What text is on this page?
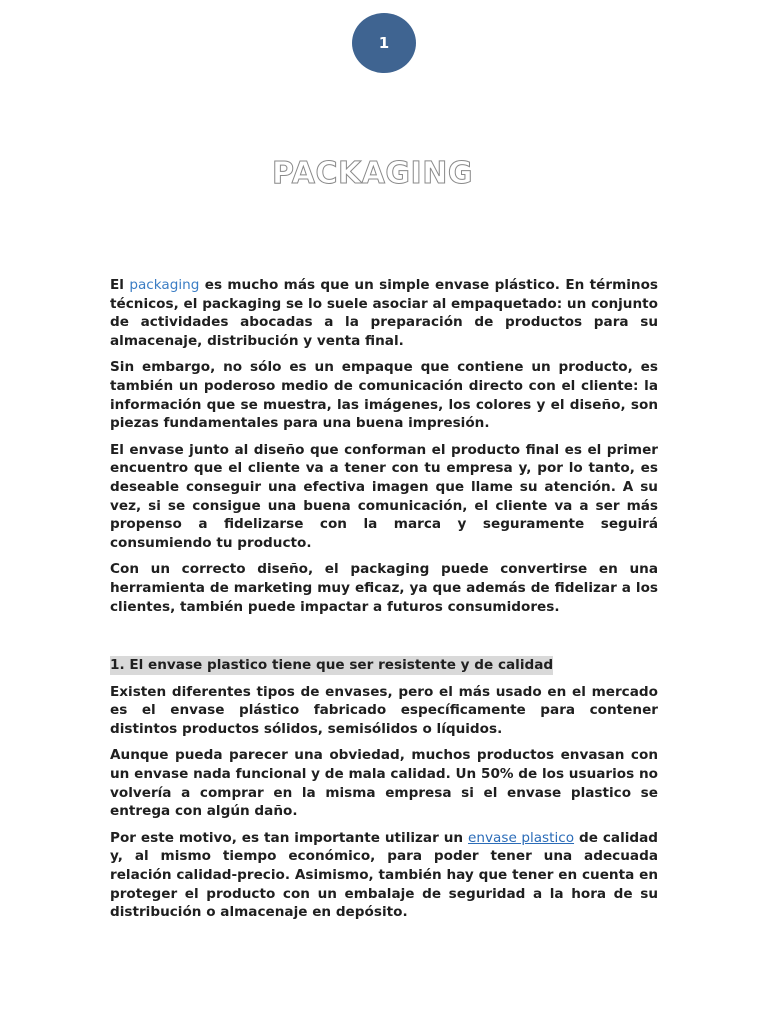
1
PACKAGING

El packaging es mucho más que un simple envase plástico. En términos técnicos, el packaging se lo suele asociar al empaquetado: un conjunto de actividades abocadas a la preparación de productos para su almacenaje, distribución y venta final.

Sin embargo, no sólo es un empaque que contiene un producto, es también un poderoso medio de comunicación directo con el cliente: la información que se muestra, las imágenes, los colores y el diseño, son piezas fundamentales para una buena impresión.

El envase junto al diseño que conforman el producto final es el primer encuentro que el cliente va a tener con tu empresa y, por lo tanto, es deseable conseguir una efectiva imagen que llame su atención. A su vez, si se consigue una buena comunicación, el cliente va a ser más propenso a fidelizarse con la marca y seguramente seguirá consumiendo tu producto.

Con un correcto diseño, el packaging puede convertirse en una herramienta de marketing muy eficaz, ya que además de fidelizar a los clientes, también puede impactar a futuros consumidores.

1. El envase plastico tiene que ser resistente y de calidad

Existen diferentes tipos de envases, pero el más usado en el mercado es el envase plástico fabricado específicamente para contener distintos productos sólidos, semisólidos o líquidos.

Aunque pueda parecer una obviedad, muchos productos envasan con un envase nada funcional y de mala calidad. Un 50% de los usuarios no volvería a comprar en la misma empresa si el envase plastico se entrega con algún daño.

Por este motivo, es tan importante utilizar un envase plastico de calidad y, al mismo tiempo económico, para poder tener una adecuada relación calidad-precio. Asimismo, también hay que tener en cuenta en proteger el producto con un embalaje de seguridad a la hora de su distribución o almacenaje en depósito.
